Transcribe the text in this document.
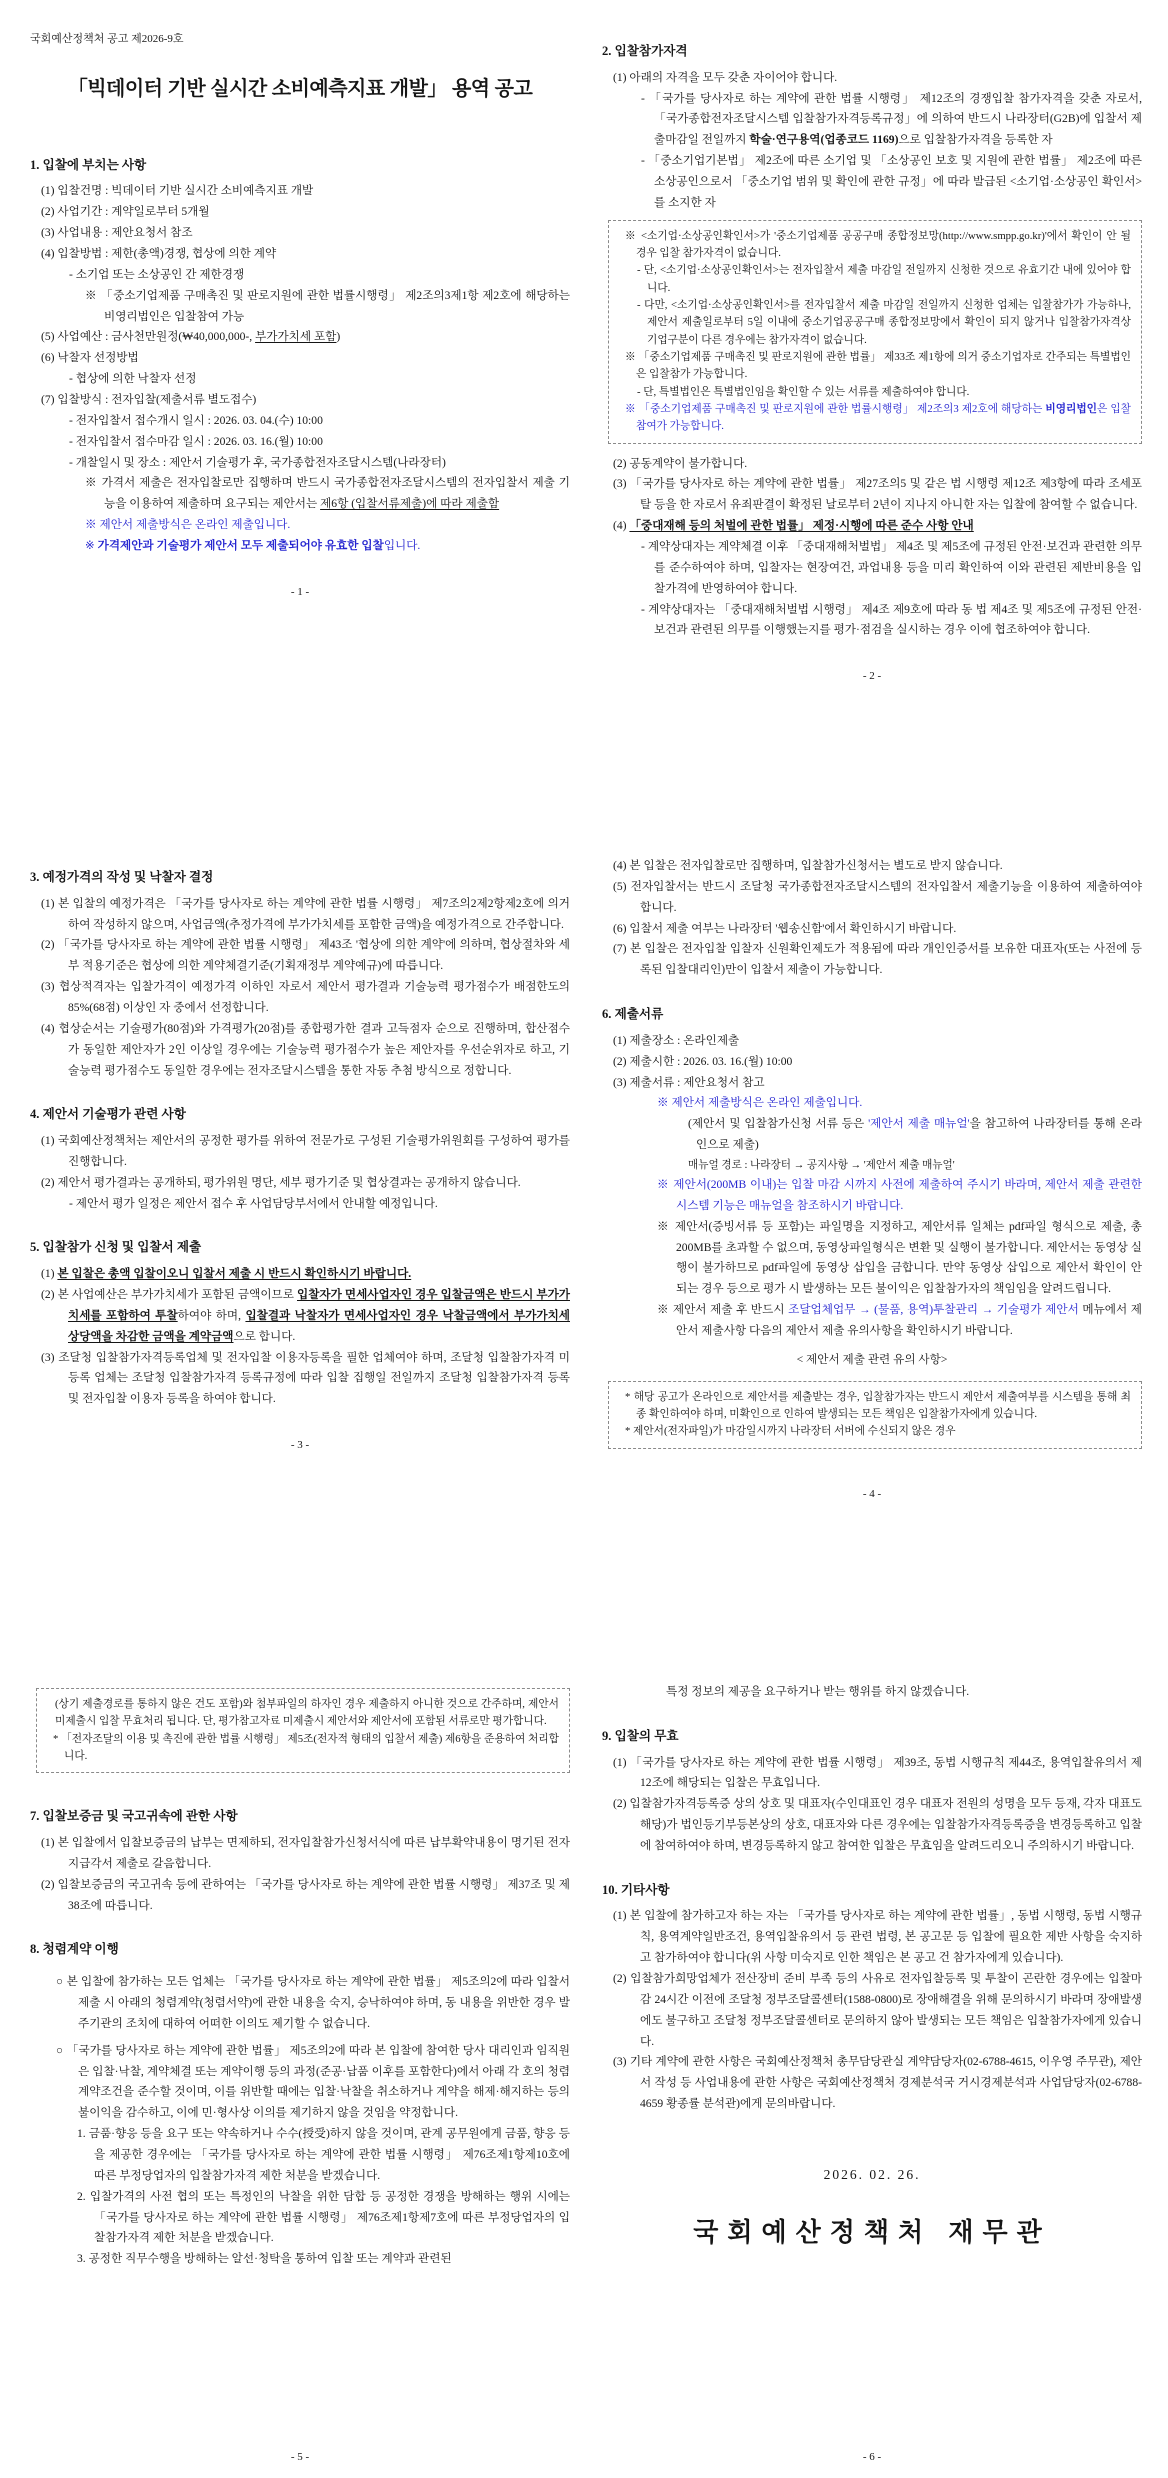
국회예산정책처 공고 제2026-9호
「빅데이터 기반 실시간 소비예측지표 개발」 용역 공고
1. 입찰에 부치는 사항
(1) 입찰건명 : 빅데이터 기반 실시간 소비예측지표 개발
(2) 사업기간 : 계약일로부터 5개월
(3) 사업내용 : 제안요청서 참조
(4) 입찰방법 : 제한(총액)경쟁, 협상에 의한 계약
- 소기업 또는 소상공인 간 제한경쟁
※ 「중소기업제품 구매촉진 및 판로지원에 관한 법률시행령」 제2조의3제1항 제2호에 해당하는 비영리법인은 입찰참여 가능
(5) 사업예산 : 금사천만원정(₩40,000,000-, 부가가치세 포함)
(6) 낙찰자 선정방법
- 협상에 의한 낙찰자 선정
(7) 입찰방식 : 전자입찰(제출서류 별도접수)
- 전자입찰서 접수개시 일시 : 2026. 03. 04.(수) 10:00
- 전자입찰서 접수마감 일시 : 2026. 03. 16.(월) 10:00
- 개찰일시 및 장소 : 제안서 기술평가 후, 국가종합전자조달시스템(나라장터)
※ 가격서 제출은 전자입찰로만 집행하며 반드시 국가종합전자조달시스템의 전자입찰서 제출 기능을 이용하여 제출하며 요구되는 제안서는 제6항 (입찰서류제출)에 따라 제출함
※ 제안서 제출방식은 온라인 제출입니다.
※ 가격제안과 기술평가 제안서 모두 제출되어야 유효한 입찰입니다.
- 1 -
2. 입찰참가자격
(1) 아래의 자격을 모두 갖춘 자이어야 합니다.
- 「국가를 당사자로 하는 계약에 관한 법률 시행령」 제12조의 경쟁입찰 참가자격을 갖춘 자로서, 「국가종합전자조달시스템 입찰참가자격등록규정」에 의하여 반드시 나라장터(G2B)에 입찰서 제출마감일 전일까지 학술·연구용역(업종코드 1169)으로 입찰참가자격을 등록한 자
- 「중소기업기본법」 제2조에 따른 소기업 및 「소상공인 보호 및 지원에 관한 법률」 제2조에 따른 소상공인으로서 「중소기업 범위 및 확인에 관한 규정」에 따라 발급된 <소기업·소상공인 확인서>를 소지한 자
※ <소기업·소상공인확인서>가 '중소기업제품 공공구매 종합정보망(http://www.smpp.go.kr)'에서 확인이 안 될 경우 입찰 참가자격이 없습니다.
- 단, <소기업·소상공인확인서>는 전자입찰서 제출 마감일 전일까지 신청한 것으로 유효기간 내에 있어야 합니다.
- 다만, <소기업·소상공인확인서>를 전자입찰서 제출 마감일 전일까지 신청한 업체는 입찰참가가 가능하나, 제안서 제출일로부터 5일 이내에 중소기업공공구매 종합정보망에서 확인이 되지 않거나 입찰참가자격상 기업구분이 다른 경우에는 참가자격이 없습니다.
※ 「중소기업제품 구매촉진 및 판로지원에 관한 법률」 제33조 제1항에 의거 중소기업자로 간주되는 특별법인은 입찰참가 가능합니다.
- 단, 특별법인은 특별법인임을 확인할 수 있는 서류를 제출하여야 합니다.
※ 「중소기업제품 구매촉진 및 판로지원에 관한 법률시행령」 제2조의3 제2호에 해당하는 비영리법인은 입찰참여가 가능합니다.
(2) 공동계약이 불가합니다.
(3) 「국가를 당사자로 하는 계약에 관한 법률」 제27조의5 및 같은 법 시행령 제12조 제3항에 따라 조세포탈 등을 한 자로서 유죄판결이 확정된 날로부터 2년이 지나지 아니한 자는 입찰에 참여할 수 없습니다.
(4) 「중대재해 등의 처벌에 관한 법률」 제정·시행에 따른 준수 사항 안내
- 계약상대자는 계약체결 이후 「중대재해처벌법」 제4조 및 제5조에 규정된 안전·보건과 관련한 의무를 준수하여야 하며, 입찰자는 현장여건, 과업내용 등을 미리 확인하여 이와 관련된 제반비용을 입찰가격에 반영하여야 합니다.
- 계약상대자는 「중대재해처벌법 시행령」 제4조 제9호에 따라 동 법 제4조 및 제5조에 규정된 안전·보건과 관련된 의무를 이행했는지를 평가·점검을 실시하는 경우 이에 협조하여야 합니다.
- 2 -
3. 예정가격의 작성 및 낙찰자 결정
(1) 본 입찰의 예정가격은 「국가를 당사자로 하는 계약에 관한 법률 시행령」 제7조의2제2항제2호에 의거하여 작성하지 않으며, 사업금액(추정가격에 부가가치세를 포함한 금액)을 예정가격으로 간주합니다.
(2) 「국가를 당사자로 하는 계약에 관한 법률 시행령」 제43조 '협상에 의한 계약'에 의하며, 협상절차와 세부 적용기준은 협상에 의한 계약체결기준(기획재정부 계약예규)에 따릅니다.
(3) 협상적격자는 입찰가격이 예정가격 이하인 자로서 제안서 평가결과 기술능력 평가점수가 배점한도의 85%(68점) 이상인 자 중에서 선정합니다.
(4) 협상순서는 기술평가(80점)와 가격평가(20점)를 종합평가한 결과 고득점자 순으로 진행하며, 합산점수가 동일한 제안자가 2인 이상일 경우에는 기술능력 평가점수가 높은 제안자를 우선순위자로 하고, 기술능력 평가점수도 동일한 경우에는 전자조달시스템을 통한 자동 추첨 방식으로 정합니다.
4. 제안서 기술평가 관련 사항
(1) 국회예산정책처는 제안서의 공정한 평가를 위하여 전문가로 구성된 기술평가위원회를 구성하여 평가를 진행합니다.
(2) 제안서 평가결과는 공개하되, 평가위원 명단, 세부 평가기준 및 협상결과는 공개하지 않습니다.
- 제안서 평가 일정은 제안서 접수 후 사업담당부서에서 안내할 예정입니다.
5. 입찰참가 신청 및 입찰서 제출
(1) 본 입찰은 총액 입찰이오니 입찰서 제출 시 반드시 확인하시기 바랍니다.
(2) 본 사업예산은 부가가치세가 포함된 금액이므로 입찰자가 면세사업자인 경우 입찰금액은 반드시 부가가치세를 포함하여 투찰하여야 하며, 입찰결과 낙찰자가 면세사업자인 경우 낙찰금액에서 부가가치세 상당액을 차감한 금액을 계약금액으로 합니다.
(3) 조달청 입찰참가자격등록업체 및 전자입찰 이용자등록을 필한 업체여야 하며, 조달청 입찰참가자격 미등록 업체는 조달청 입찰참가자격 등록규정에 따라 입찰 집행일 전일까지 조달청 입찰참가자격 등록 및 전자입찰 이용자 등록을 하여야 합니다.
- 3 -
(4) 본 입찰은 전자입찰로만 집행하며, 입찰참가신청서는 별도로 받지 않습니다.
(5) 전자입찰서는 반드시 조달청 국가종합전자조달시스템의 전자입찰서 제출기능을 이용하여 제출하여야 합니다.
(6) 입찰서 제출 여부는 나라장터 '웹송신함'에서 확인하시기 바랍니다.
(7) 본 입찰은 전자입찰 입찰자 신원확인제도가 적용됨에 따라 개인인증서를 보유한 대표자(또는 사전에 등록된 입찰대리인)만이 입찰서 제출이 가능합니다.
6. 제출서류
(1) 제출장소 : 온라인제출
(2) 제출시한 : 2026. 03. 16.(월) 10:00
(3) 제출서류 : 제안요청서 참고
※ 제안서 제출방식은 온라인 제출입니다.
(제안서 및 입찰참가신청 서류 등은 '제안서 제출 매뉴얼'을 참고하여 나라장터를 통해 온라인으로 제출)
매뉴얼 경로 : 나라장터 → 공지사항 → '제안서 제출 매뉴얼'
※ 제안서(200MB 이내)는 입찰 마감 시까지 사전에 제출하여 주시기 바라며, 제안서 제출 관련한 시스템 기능은 매뉴얼을 참조하시기 바랍니다.
※ 제안서(증빙서류 등 포함)는 파일명을 지정하고, 제안서류 일체는 pdf파일 형식으로 제출, 총 200MB를 초과할 수 없으며, 동영상파일형식은 변환 및 실행이 불가합니다. 제안서는 동영상 실행이 불가하므로 pdf파일에 동영상 삽입을 금합니다. 만약 동영상 삽입으로 제안서 확인이 안 되는 경우 등으로 평가 시 발생하는 모든 불이익은 입찰참가자의 책임임을 알려드립니다.
※ 제안서 제출 후 반드시 조달업체업무 → (물품, 용역)투찰관리 → 기술평가 제안서 메뉴에서 제안서 제출사항 다음의 제안서 제출 유의사항을 확인하시기 바랍니다.
< 제안서 제출 관련 유의 사항>
* 해당 공고가 온라인으로 제안서를 제출받는 경우, 입찰참가자는 반드시 제안서 제출여부를 시스템을 통해 최종 확인하여야 하며, 미확인으로 인하여 발생되는 모든 책임은 입찰참가자에게 있습니다.
* 제안서(전자파일)가 마감일시까지 나라장터 서버에 수신되지 않은 경우
- 4 -
(상기 제출경로를 통하지 않은 건도 포함)와 첨부파일의 하자인 경우 제출하지 아니한 것으로 간주하며, 제안서 미제출시 입찰 무효처리 됩니다. 단, 평가참고자료 미제출시 제안서와 제안서에 포함된 서류로만 평가합니다.
* 「전자조달의 이용 및 촉진에 관한 법률 시행령」 제5조(전자적 형태의 입찰서 제출) 제6항을 준용하여 처리합니다.
7. 입찰보증금 및 국고귀속에 관한 사항
(1) 본 입찰에서 입찰보증금의 납부는 면제하되, 전자입찰참가신청서식에 따른 납부확약내용이 명기된 전자지급각서 제출로 갈음합니다.
(2) 입찰보증금의 국고귀속 등에 관하여는 「국가를 당사자로 하는 계약에 관한 법률 시행령」 제37조 및 제38조에 따릅니다.
8. 청렴계약 이행
○ 본 입찰에 참가하는 모든 업체는 「국가를 당사자로 하는 계약에 관한 법률」 제5조의2에 따라 입찰서 제출 시 아래의 청렴계약(청렴서약)에 관한 내용을 숙지, 승낙하여야 하며, 동 내용을 위반한 경우 발주기관의 조치에 대하여 어떠한 이의도 제기할 수 없습니다.
○ 「국가를 당사자로 하는 계약에 관한 법률」 제5조의2에 따라 본 입찰에 참여한 당사 대리인과 임직원은 입찰·낙찰, 계약체결 또는 계약이행 등의 과정(준공·납품 이후를 포함한다)에서 아래 각 호의 청렴계약조건을 준수할 것이며, 이를 위반할 때에는 입찰·낙찰을 취소하거나 계약을 해제·해지하는 등의 불이익을 감수하고, 이에 민·형사상 이의를 제기하지 않을 것임을 약정합니다.
1. 금품·향응 등을 요구 또는 약속하거나 수수(授受)하지 않을 것이며, 관계 공무원에게 금품, 향응 등을 제공한 경우에는 「국가를 당사자로 하는 계약에 관한 법률 시행령」 제76조제1항제10호에 따른 부정당업자의 입찰참가자격 제한 처분을 받겠습니다.
2. 입찰가격의 사전 협의 또는 특정인의 낙찰을 위한 담합 등 공정한 경쟁을 방해하는 행위 시에는 「국가를 당사자로 하는 계약에 관한 법률 시행령」 제76조제1항제7호에 따른 부정당업자의 입찰참가자격 제한 처분을 받겠습니다.
3. 공정한 직무수행을 방해하는 알선·청탁을 통하여 입찰 또는 계약과 관련된
- 5 -
특정 정보의 제공을 요구하거나 받는 행위를 하지 않겠습니다.
9. 입찰의 무효
(1) 「국가를 당사자로 하는 계약에 관한 법률 시행령」 제39조, 동법 시행규칙 제44조, 용역입찰유의서 제12조에 해당되는 입찰은 무효입니다.
(2) 입찰참가자격등록증 상의 상호 및 대표자(수인대표인 경우 대표자 전원의 성명을 모두 등재, 각자 대표도 해당)가 법인등기부등본상의 상호, 대표자와 다른 경우에는 입찰참가자격등록증을 변경등록하고 입찰에 참여하여야 하며, 변경등록하지 않고 참여한 입찰은 무효임을 알려드리오니 주의하시기 바랍니다.
10. 기타사항
(1) 본 입찰에 참가하고자 하는 자는 「국가를 당사자로 하는 계약에 관한 법률」, 동법 시행령, 동법 시행규칙, 용역계약일반조건, 용역입찰유의서 등 관련 법령, 본 공고문 등 입찰에 필요한 제반 사항을 숙지하고 참가하여야 합니다(위 사항 미숙지로 인한 책임은 본 공고 건 참가자에게 있습니다).
(2) 입찰참가희망업체가 전산장비 준비 부족 등의 사유로 전자입찰등록 및 투찰이 곤란한 경우에는 입찰마감 24시간 이전에 조달청 정부조달콜센터(1588-0800)로 장애해결을 위해 문의하시기 바라며 장애발생에도 불구하고 조달청 정부조달콜센터로 문의하지 않아 발생되는 모든 책임은 입찰참가자에게 있습니다.
(3) 기타 계약에 관한 사항은 국회예산정책처 총무담당관실 계약담당자(02-6788-4615, 이우영 주무관), 제안서 작성 등 사업내용에 관한 사항은 국회예산정책처 경제분석국 거시경제분석과 사업담당자(02-6788-4659 황종률 분석관)에게 문의바랍니다.
2026. 02. 26.
국회예산정책처 재무관
- 6 -
